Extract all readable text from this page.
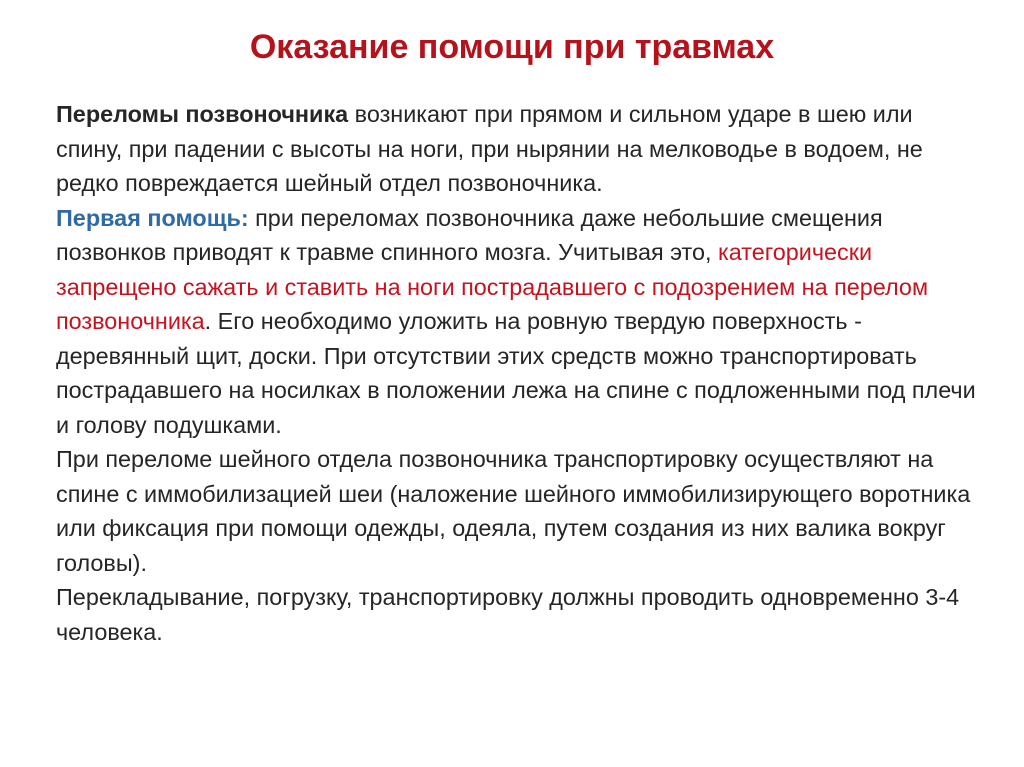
Оказание помощи при травмах

Переломы позвоночника возникают при прямом и сильном ударе в шею или спину, при падении с высоты на ноги, при нырянии на мелководье в водоем, не редко повреждается шейный отдел позвоночника.

Первая помощь: при переломах позвоночника даже небольшие смещения позвонков приводят к травме спинного мозга. Учитывая это, категорически запрещено сажать и ставить на ноги пострадавшего с подозрением на перелом позвоночника. Его необходимо уложить на ровную твердую поверхность - деревянный щит, доски. При отсутствии этих средств можно транспортировать пострадавшего на носилках в положении лежа на спине с подложенными под плечи и голову подушками.

При переломе шейного отдела позвоночника транспортировку осуществляют на спине с иммобилизацией шеи (наложение шейного иммобилизирующего воротника или фиксация при помощи одежды, одеяла, путем создания из них валика вокруг головы).

Перекладывание, погрузку, транспортировку должны проводить одновременно 3-4 человека.
